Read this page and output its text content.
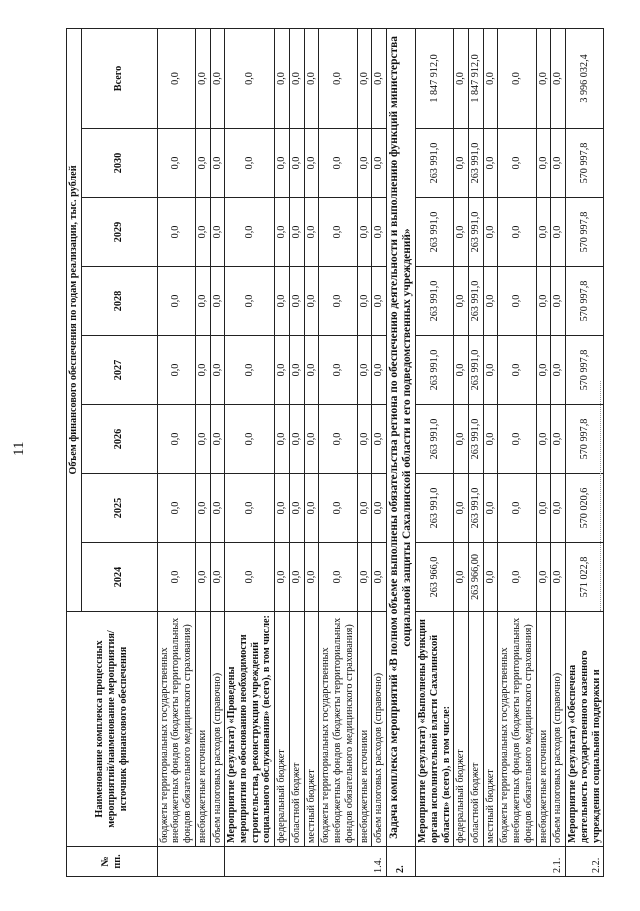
11
№ пп.	Наименование комплекса процессных мероприятий/наименование мероприятия/ источник финансового обеспечения	Объем финансового обеспечения по годам реализации, тыс. рублей							
		2024	2025	2026	2027	2028	2029	2030	Всего
	бюджеты территориальных государственных внебюджетных фондов (бюджеты территориальных фондов обязательного медицинского страхования)	0,0	0,0	0,0	0,0	0,0	0,0	0,0	0,0
	внебюджетные источники	0,0	0,0	0,0	0,0	0,0	0,0	0,0	0,0
	объем налоговых расходов (справочно)	0,0	0,0	0,0	0,0	0,0	0,0	0,0	0,0
1.4.	Мероприятие (результат) «Проведены мероприятия по обоснованию необходимости строительства, реконструкции учреждений социального обслуживания» (всего), в том числе:	0,0	0,0	0,0	0,0	0,0	0,0	0,0	0,0
	федеральный бюджет	0,0	0,0	0,0	0,0	0,0	0,0	0,0	0,0
	областной бюджет	0,0	0,0	0,0	0,0	0,0	0,0	0,0	0,0
	местный бюджет	0,0	0,0	0,0	0,0	0,0	0,0	0,0	0,0
	бюджеты территориальных государственных внебюджетных фондов (бюджеты территориальных фондов обязательного медицинского страхования)	0,0	0,0	0,0	0,0	0,0	0,0	0,0	0,0
	внебюджетные источники	0,0	0,0	0,0	0,0	0,0	0,0	0,0	0,0
	объем налоговых расходов (справочно)	0,0	0,0	0,0	0,0	0,0	0,0	0,0	0,0
2.	Задача комплекса мероприятий «В полном объеме выполнены обязательства региона по обеспечению деятельности и выполнению функций министерства социальной защиты Сахалинской области и его подведомственных учреждений»								
2.1.	Мероприятие (результат) «Выполнены функции органа исполнительной власти Сахалинской области» (всего), в том числе:	263 966,0	263 991,0	263 991,0	263 991,0	263 991,0	263 991,0	263 991,0	1 847 912,0
	федеральный бюджет	0,0	0,0	0,0	0,0	0,0	0,0	0,0	0,0
	областной бюджет	263 966,00	263 991,0	263 991,0	263 991,0	263 991,0	263 991,0	263 991,0	1 847 912,0
	местный бюджет	0,0	0,0	0,0	0,0	0,0	0,0	0,0	0,0
	бюджеты территориальных государственных внебюджетных фондов (бюджеты территориальных фондов обязательного медицинского страхования)	0,0	0,0	0,0	0,0	0,0	0,0	0,0	0,0
	внебюджетные источники	0,0	0,0	0,0	0,0	0,0	0,0	0,0	0,0
	объем налоговых расходов (справочно)	0,0	0,0	0,0	0,0	0,0	0,0	0,0	0,0
2.2.	Мероприятие (результат) «Обеспечена деятельность государственного казенного учреждения социальной поддержки и	571 022,8	570 020,6	570 997,8	570 997,8	570 997,8	570 997,8	570 997,8	3 996 032,4
